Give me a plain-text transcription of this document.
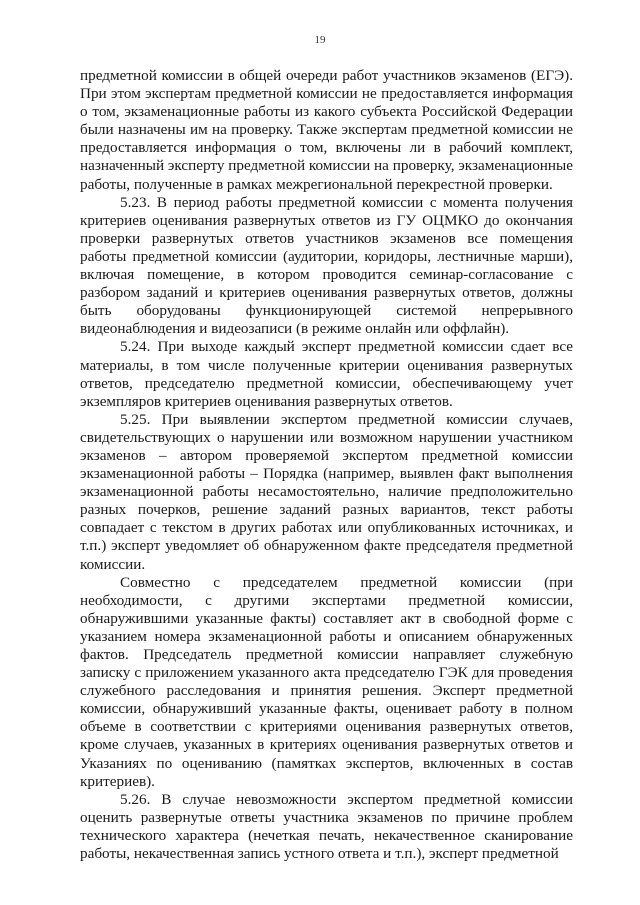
19

предметной комиссии в общей очереди работ участников экзаменов (ЕГЭ). При этом экспертам предметной комиссии не предоставляется информация о том, экзаменационные работы из какого субъекта Российской Федерации были назначены им на проверку. Также экспертам предметной комиссии не предоставляется информация о том, включены ли в рабочий комплект, назначенный эксперту предметной комиссии на проверку, экзаменационные работы, полученные в рамках межрегиональной перекрестной проверки.

5.23. В период работы предметной комиссии с момента получения критериев оценивания развернутых ответов из ГУ ОЦМКО до окончания проверки развернутых ответов участников экзаменов все помещения работы предметной комиссии (аудитории, коридоры, лестничные марши), включая помещение, в котором проводится семинар-согласование с разбором заданий и критериев оценивания развернутых ответов, должны быть оборудованы функционирующей системой непрерывного видеонаблюдения и видеозаписи (в режиме онлайн или оффлайн).

5.24. При выходе каждый эксперт предметной комиссии сдает все материалы, в том числе полученные критерии оценивания развернутых ответов, председателю предметной комиссии, обеспечивающему учет экземпляров критериев оценивания развернутых ответов.

5.25. При выявлении экспертом предметной комиссии случаев, свидетельствующих о нарушении или возможном нарушении участником экзаменов – автором проверяемой экспертом предметной комиссии экзаменационной работы – Порядка (например, выявлен факт выполнения экзаменационной работы несамостоятельно, наличие предположительно разных почерков, решение заданий разных вариантов, текст работы совпадает с текстом в других работах или опубликованных источниках, и т.п.) эксперт уведомляет об обнаруженном факте председателя предметной комиссии.

Совместно с председателем предметной комиссии (при необходимости, с другими экспертами предметной комиссии, обнаружившими указанные факты) составляет акт в свободной форме с указанием номера экзаменационной работы и описанием обнаруженных фактов. Председатель предметной комиссии направляет служебную записку с приложением указанного акта председателю ГЭК для проведения служебного расследования и принятия решения. Эксперт предметной комиссии, обнаруживший указанные факты, оценивает работу в полном объеме в соответствии с критериями оценивания развернутых ответов, кроме случаев, указанных в критериях оценивания развернутых ответов и Указаниях по оцениванию (памятках экспертов, включенных в состав критериев).

5.26. В случае невозможности экспертом предметной комиссии оценить развернутые ответы участника экзаменов по причине проблем технического характера (нечеткая печать, некачественное сканирование работы, некачественная запись устного ответа и т.п.), эксперт предметной
